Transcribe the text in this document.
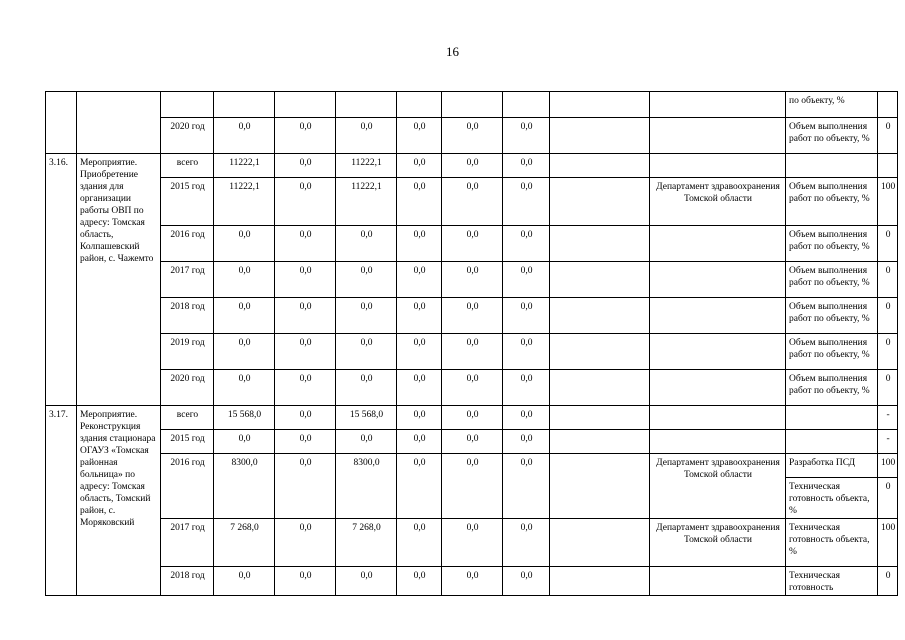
16
											по объекту, %	
		2020 год	0,0	0,0	0,0	0,0	0,0	0,0			Объем выполнения работ по объекту, %	0
3.16.	Мероприятие. Приобретение здания для организации работы ОВП по адресу: Томская область, Колпашевский район, с. Чажемто	всего	11222,1	0,0	11222,1	0,0	0,0	0,0				
		2015 год	11222,1	0,0	11222,1	0,0	0,0	0,0		Департамент здравоохранения Томской области	Объем выполнения работ по объекту, %	100
		2016 год	0,0	0,0	0,0	0,0	0,0	0,0			Объем выполнения работ по объекту, %	0
		2017 год	0,0	0,0	0,0	0,0	0,0	0,0			Объем выполнения работ по объекту, %	0
		2018 год	0,0	0,0	0,0	0,0	0,0	0,0			Объем выполнения работ по объекту, %	0
		2019 год	0,0	0,0	0,0	0,0	0,0	0,0			Объем выполнения работ по объекту, %	0
		2020 год	0,0	0,0	0,0	0,0	0,0	0,0			Объем выполнения работ по объекту, %	0
3.17.	Мероприятие. Реконструкция здания стационара ОГАУЗ «Томская районная больница» по адресу: Томская область, Томский район, с. Моряковский	всего	15 568,0	0,0	15 568,0	0,0	0,0	0,0				-
		2015 год	0,0	0,0	0,0	0,0	0,0	0,0				-
		2016 год	8300,0	0,0	8300,0	0,0	0,0	0,0		Департамент здравоохранения Томской области	Разработка ПСД	100
											Техническая готовность объекта, %	0
		2017 год	7 268,0	0,0	7 268,0	0,0	0,0	0,0		Департамент здравоохранения Томской области	Техническая готовность объекта, %	100
		2018 год	0,0	0,0	0,0	0,0	0,0	0,0			Техническая готовность	0
